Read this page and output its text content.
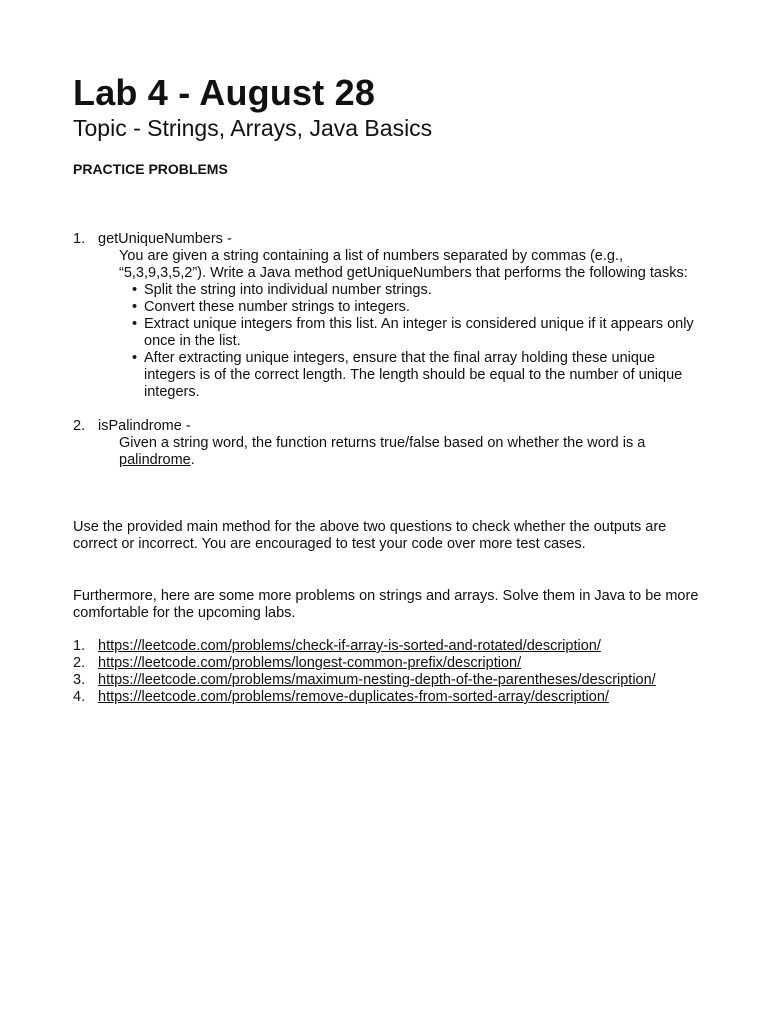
Lab 4 - August 28
Topic - Strings, Arrays, Java Basics
PRACTICE PROBLEMS
1. getUniqueNumbers -
You are given a string containing a list of numbers separated by commas (e.g., “5,3,9,3,5,2”). Write a Java method getUniqueNumbers that performs the following tasks:
• Split the string into individual number strings.
• Convert these number strings to integers.
• Extract unique integers from this list. An integer is considered unique if it appears only once in the list.
• After extracting unique integers, ensure that the final array holding these unique integers is of the correct length. The length should be equal to the number of unique integers.
2. isPalindrome -
Given a string word, the function returns true/false based on whether the word is a palindrome.

Use the provided main method for the above two questions to check whether the outputs are correct or incorrect. You are encouraged to test your code over more test cases.

Furthermore, here are some more problems on strings and arrays. Solve them in Java to be more comfortable for the upcoming labs.

1. https://leetcode.com/problems/check-if-array-is-sorted-and-rotated/description/
2. https://leetcode.com/problems/longest-common-prefix/description/
3. https://leetcode.com/problems/maximum-nesting-depth-of-the-parentheses/description/
4. https://leetcode.com/problems/remove-duplicates-from-sorted-array/description/
